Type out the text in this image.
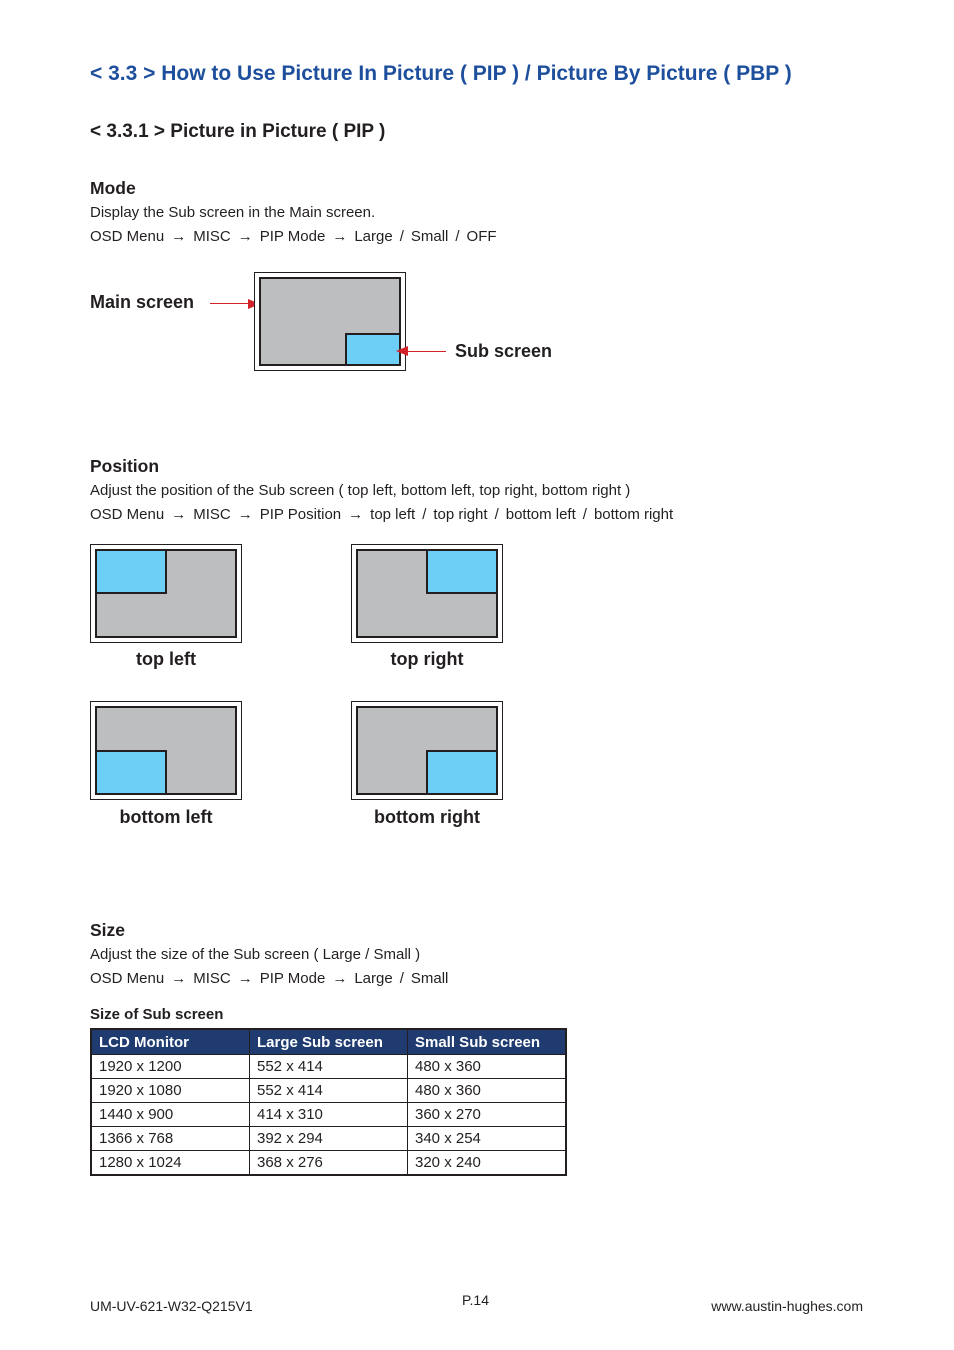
< 3.3 > How to Use Picture In Picture ( PIP ) / Picture By Picture ( PBP )
< 3.3.1 > Picture in Picture ( PIP )
Mode
Display the Sub screen in the Main screen.
OSD Menu → MISC → PIP Mode → Large / Small / OFF
Main screen
Sub screen
Position
Adjust the position of the Sub screen ( top left, bottom left, top right, bottom right )
OSD Menu → MISC → PIP Position → top left / top right / bottom left / bottom right
top left	top right
bottom left	bottom right
Size
Adjust the size of the Sub screen ( Large / Small )
OSD Menu → MISC → PIP Mode → Large / Small
Size of Sub screen
LCD Monitor	Large Sub screen	Small Sub screen
1920 x 1200	552 x 414	480 x 360
1920 x 1080	552 x 414	480 x 360
1440 x 900	414 x 310	360 x 270
1366 x 768	392 x 294	340 x 254
1280 x 1024	368 x 276	320 x 240
UM-UV-621-W32-Q215V1	P.14	www.austin-hughes.com
